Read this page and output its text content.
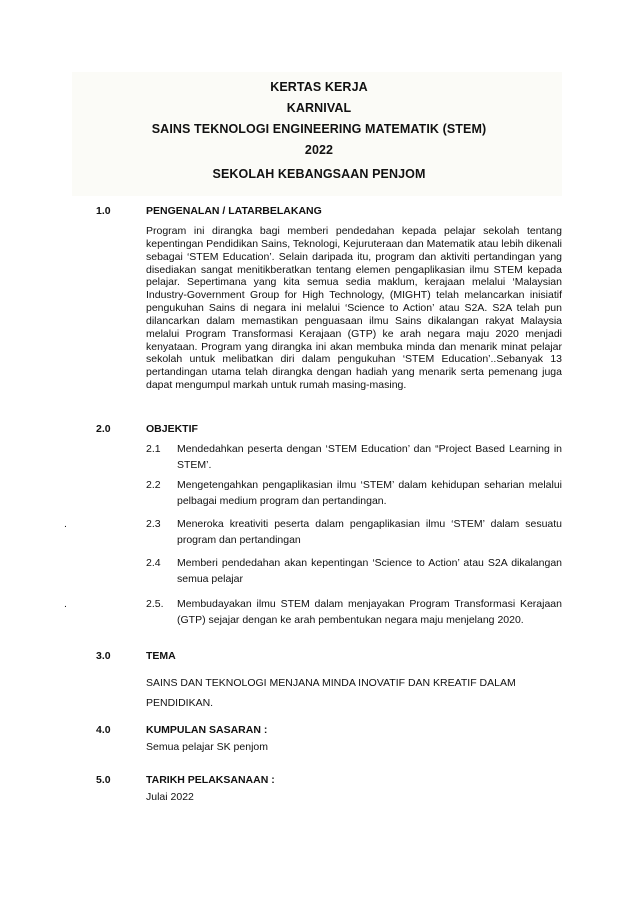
KERTAS KERJA
KARNIVAL
SAINS TEKNOLOGI ENGINEERING MATEMATIK (STEM)
2022
SEKOLAH KEBANGSAAN PENJOM
1.0	PENGENALAN / LATARBELAKANG

Program ini dirangka bagi memberi pendedahan kepada pelajar sekolah tentang kepentingan Pendidikan Sains, Teknologi, Kejuruteraan dan Matematik atau lebih dikenali sebagai ‘STEM Education’. Selain daripada itu, program dan aktiviti pertandingan yang disediakan sangat menitikberatkan tentang elemen pengaplikasian ilmu STEM kepada pelajar. Sepertimana yang kita semua sedia maklum, kerajaan melalui ‘Malaysian Industry-Government Group for High Technology, (MIGHT) telah melancarkan inisiatif pengukuhan Sains di negara ini melalui ‘Science to Action’ atau S2A. S2A telah pun dilancarkan dalam memastikan penguasaan ilmu Sains dikalangan rakyat Malaysia melalui Program Transformasi Kerajaan (GTP) ke arah negara maju 2020 menjadi kenyataan. Program yang dirangka ini akan membuka minda dan menarik minat pelajar sekolah untuk melibatkan diri dalam pengukuhan ‘STEM Education’..Sebanyak 13 pertandingan utama telah dirangka dengan hadiah yang menarik serta pemenang juga dapat mengumpul markah untuk rumah masing-masing.

2.0	OBJEKTIF
2.1 Mendedahkan peserta dengan ‘STEM Education’ dan “Project Based Learning in STEM’.

2.2 Mengetengahkan pengaplikasian ilmu ‘STEM’ dalam kehidupan seharian melalui pelbagai medium program dan pertandingan.

.	2.3 Meneroka kreativiti peserta dalam pengaplikasian ilmu ‘STEM’ dalam sesuatu program dan pertandingan

2.4 Memberi pendedahan akan kepentingan ‘Science to Action’ atau S2A dikalangan semua pelajar

.	2.5. Membudayakan ilmu STEM dalam menjayakan Program Transformasi Kerajaan (GTP) sejajar dengan ke arah pembentukan negara maju menjelang 2020.

3.0	TEMA

SAINS DAN TEKNOLOGI MENJANA MINDA INOVATIF DAN KREATIF DALAM PENDIDIKAN.

4.0	KUMPULAN SASARAN :
Semua pelajar SK penjom
5.0	TARIKH PELAKSANAAN :
Julai 2022
